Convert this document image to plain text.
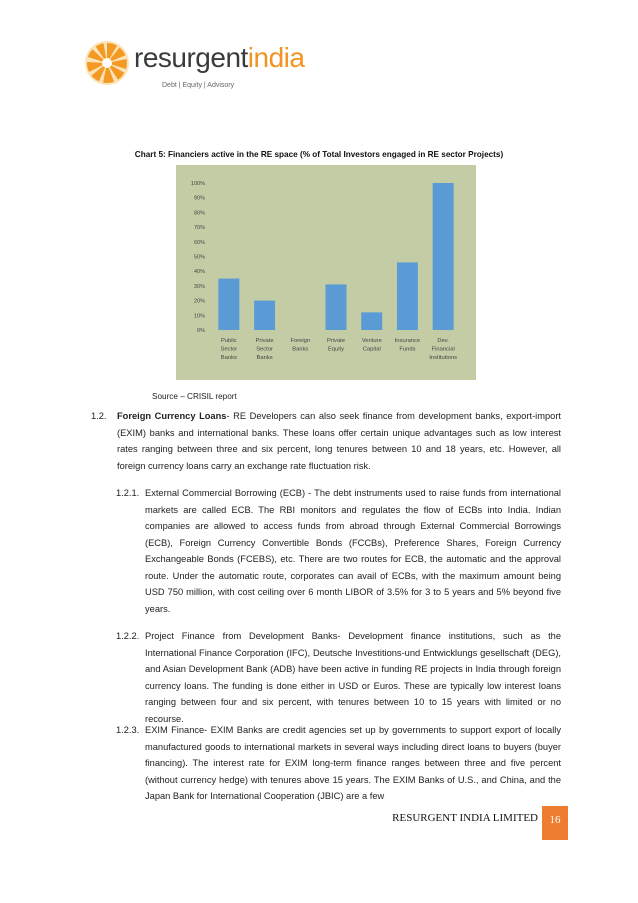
resurgentindia
Debt | Equity | Advisory
Chart 5: Financiers active in the RE space (% of Total Investors engaged in RE sector Projects)
0%
10%
20%
30%
40%
50%
60%
70%
80%
90%
100%
Public
Sector
Banks
Private
Sector
Banks
Foreign
Banks
Private
Equity
Venture
Capital
Insurance
Funds
Dev.
Financial
Institutions
Source – CRISIL report
1.2. Foreign Currency Loans- RE Developers can also seek finance from development banks, export-import (EXIM) banks and international banks. These loans offer certain unique advantages such as low interest rates ranging between three and six percent, long tenures between 10 and 18 years, etc. However, all foreign currency loans carry an exchange rate fluctuation risk.
1.2.1. External Commercial Borrowing (ECB) - The debt instruments used to raise funds from international markets are called ECB. The RBI monitors and regulates the flow of ECBs into India. Indian companies are allowed to access funds from abroad through External Commercial Borrowings (ECB), Foreign Currency Convertible Bonds (FCCBs), Preference Shares, Foreign Currency Exchangeable Bonds (FCEBS), etc. There are two routes for ECB, the automatic and the approval route. Under the automatic route, corporates can avail of ECBs, with the maximum amount being USD 750 million, with cost ceiling over 6 month LIBOR of 3.5% for 3 to 5 years and 5% beyond five years.
1.2.2. Project Finance from Development Banks- Development finance institutions, such as the International Finance Corporation (IFC), Deutsche Investitions-und Entwicklungs gesellschaft (DEG), and Asian Development Bank (ADB) have been active in funding RE projects in India through foreign currency loans. The funding is done either in USD or Euros. These are typically low interest loans ranging between four and six percent, with tenures between 10 to 15 years with limited or no recourse.
1.2.3. EXIM Finance- EXIM Banks are credit agencies set up by governments to support export of locally manufactured goods to international markets in several ways including direct loans to buyers (buyer financing). The interest rate for EXIM long-term finance ranges between three and five percent (without currency hedge) with tenures above 15 years. The EXIM Banks of U.S., and China, and the Japan Bank for International Cooperation (JBIC) are a few
RESURGENT INDIA LIMITED	16
